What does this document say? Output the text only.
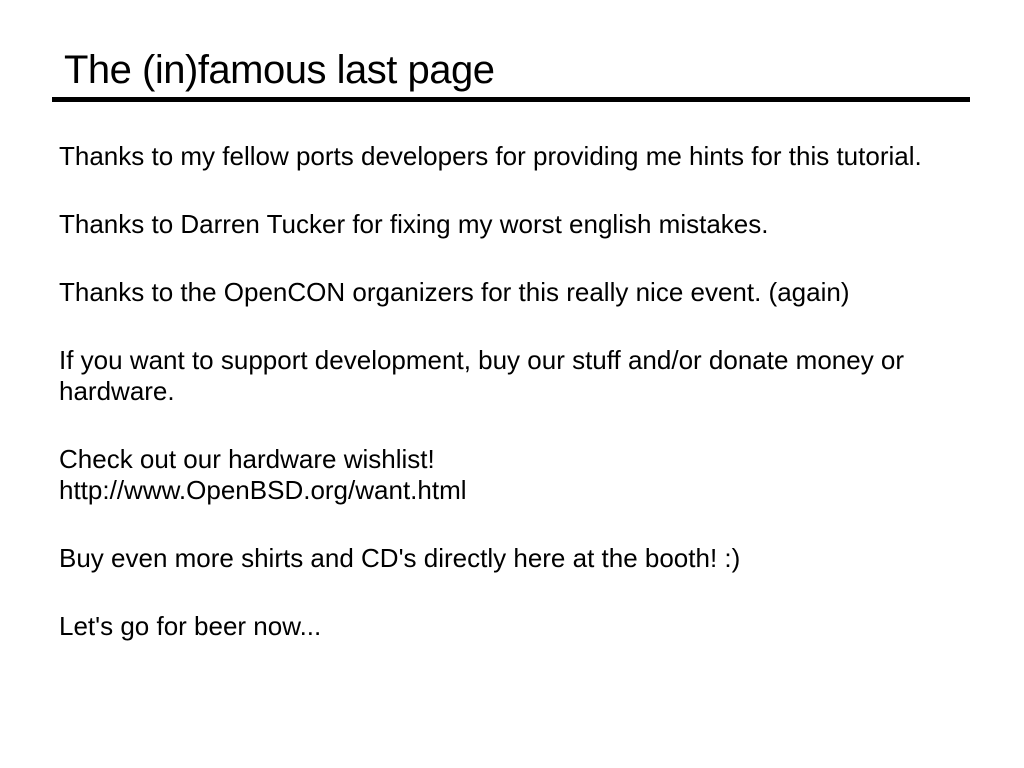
The (in)famous last page

Thanks to my fellow ports developers for providing me hints for this tutorial.

Thanks to Darren Tucker for fixing my worst english mistakes.

Thanks to the OpenCON organizers for this really nice event. (again)

If you want to support development, buy our stuff and/or donate money or
hardware.

Check out our hardware wishlist!
http://www.OpenBSD.org/want.html

Buy even more shirts and CD's directly here at the booth! :)

Let's go for beer now...
